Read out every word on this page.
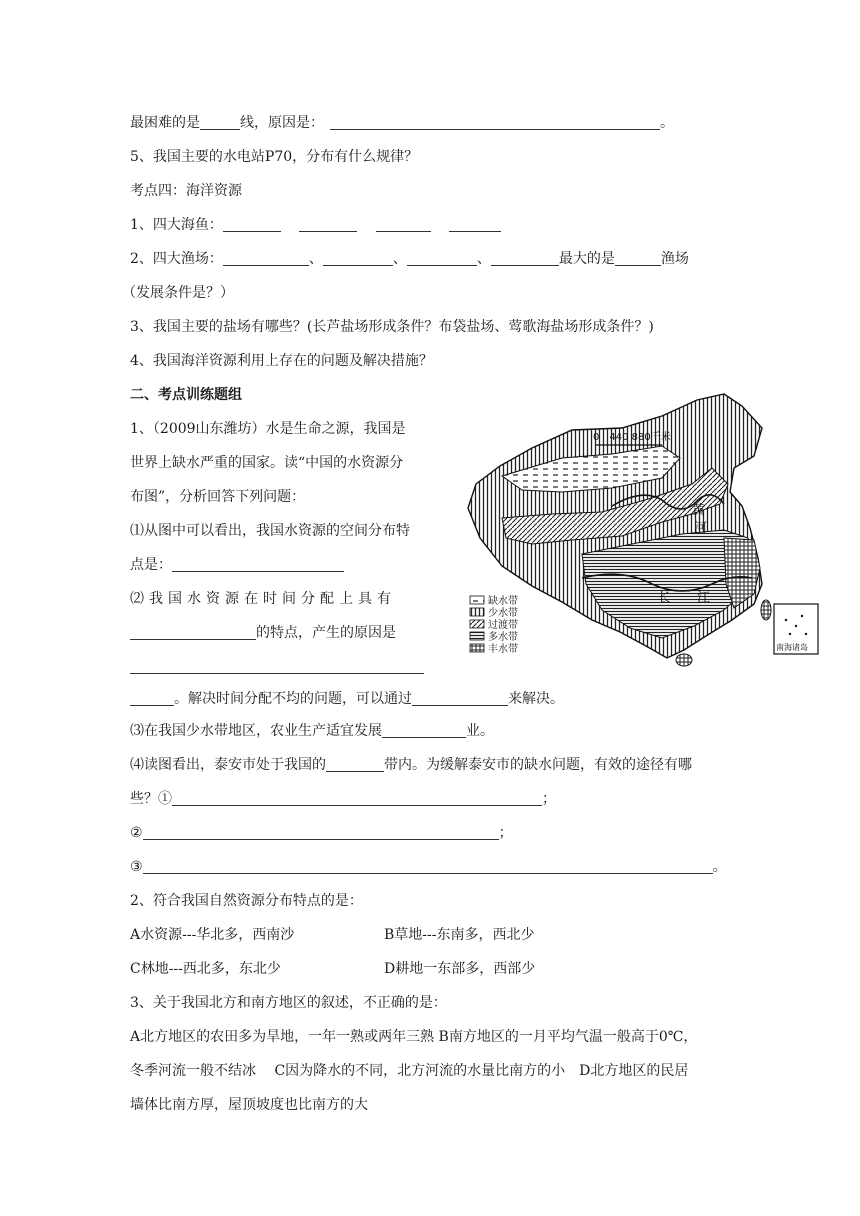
最困难的是	线，原因是：	。
5、我国主要的水电站P70，分布有什么规律？
考点四：海洋资源
1、四大海鱼：
2、四大渔场：	、	、	、	最大的是	渔场
（发展条件是？）
3、我国主要的盐场有哪些？(长芦盐场形成条件？布袋盐场、莺歌海盐场形成条件？)
4、我国海洋资源利用上存在的问题及解决措施？
二、考点训练题组
1、（2009山东潍坊）水是生命之源，我国是
世界上缺水严重的国家。读“中国的水资源分
布图”，分析回答下列问题：
⑴从图中可以看出，我国水资源的空间分布特
点是：
⑵我国水资源在时间分配上具有
的特点，产生的原因是
。解决时间分配不均的问题，可以通过	来解决。
⑶在我国少水带地区，农业生产适宜发展	业。
⑷读图看出，泰安市处于我国的	带内。为缓解泰安市的缺水问题，有效的途径有哪
些？①	；
②	；
③	。
2、符合我国自然资源分布特点的是：
A水资源---华北多，西南沙	B草地---东南多，西北少
C林地---西北多，东北少	D耕地一东部多，西部少
3、关于我国北方和南方地区的叙述，不正确的是：
A北方地区的农田多为旱地，一年一熟或两年三熟 B南方地区的一月平均气温一般高于0℃，
冬季河流一般不结冰　 C因为降水的不同，北方河流的水量比南方的小　D北方地区的民居
墙体比南方厚，屋顶坡度也比南方的大
黄
河
长　　江
0　440 880千米
缺水带
少水带
过渡带
多水带
丰水带	南海诸岛
